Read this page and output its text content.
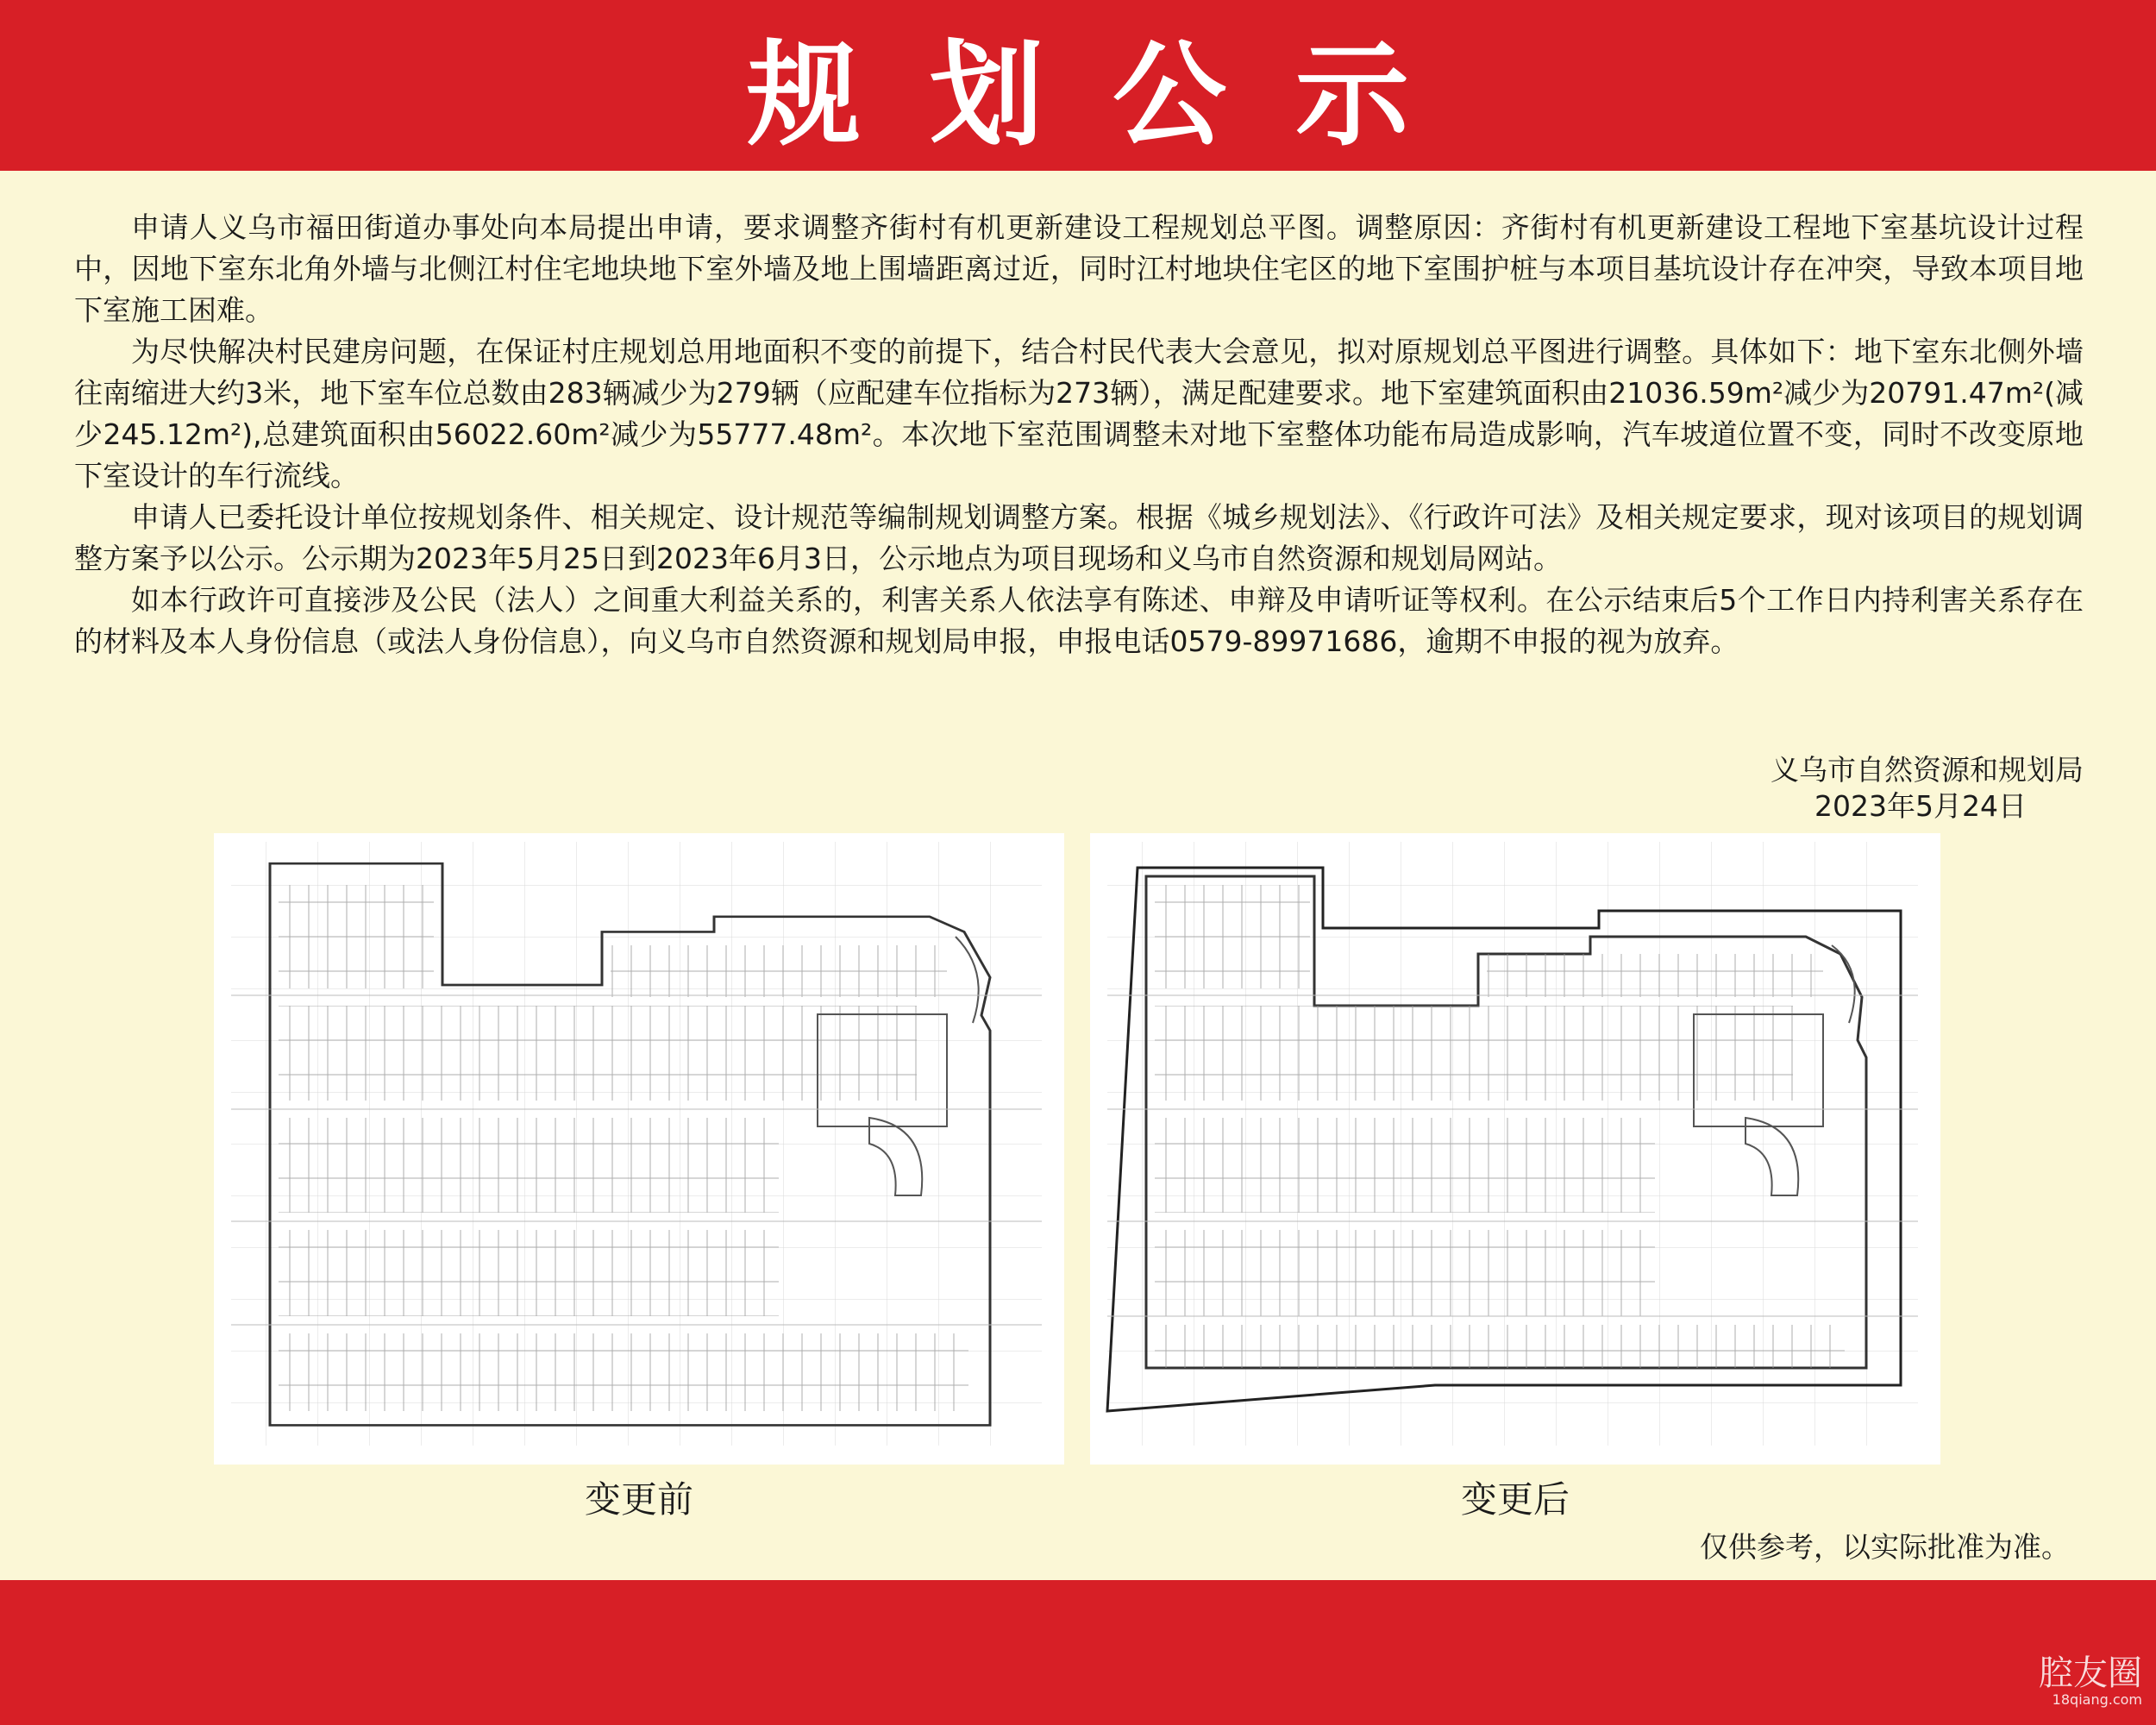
规划公示

申请人义乌市福田街道办事处向本局提出申请，要求调整齐街村有机更新建设工程规划总平图。调整原因：齐街村有机更新建设工程地下室基坑设计过程中，因地下室东北角外墙与北侧江村住宅地块地下室外墙及地上围墙距离过近，同时江村地块住宅区的地下室围护桩与本项目基坑设计存在冲突，导致本项目地下室施工困难。

为尽快解决村民建房问题，在保证村庄规划总用地面积不变的前提下，结合村民代表大会意见，拟对原规划总平图进行调整。具体如下：地下室东北侧外墙往南缩进大约3米，地下室车位总数由283辆减少为279辆（应配建车位指标为273辆），满足配建要求。地下室建筑面积由21036.59m²减少为20791.47m²(减少245.12m²),总建筑面积由56022.60m²减少为55777.48m²。本次地下室范围调整未对地下室整体功能布局造成影响，汽车坡道位置不变，同时不改变原地下室设计的车行流线。

申请人已委托设计单位按规划条件、相关规定、设计规范等编制规划调整方案。根据《城乡规划法》、《行政许可法》及相关规定要求，现对该项目的规划调整方案予以公示。公示期为2023年5月25日到2023年6月3日，公示地点为项目现场和义乌市自然资源和规划局网站。

如本行政许可直接涉及公民（法人）之间重大利益关系的，利害关系人依法享有陈述、申辩及申请听证等权利。在公示结束后5个工作日内持利害关系存在的材料及本人身份信息（或法人身份信息），向义乌市自然资源和规划局申报，申报电话0579-89971686，逾期不申报的视为放弃。

义乌市自然资源和规划局
2023年5月24日
变更前	变更后
仅供参考，以实际批准为准。
腔友圈
18qiang.com
